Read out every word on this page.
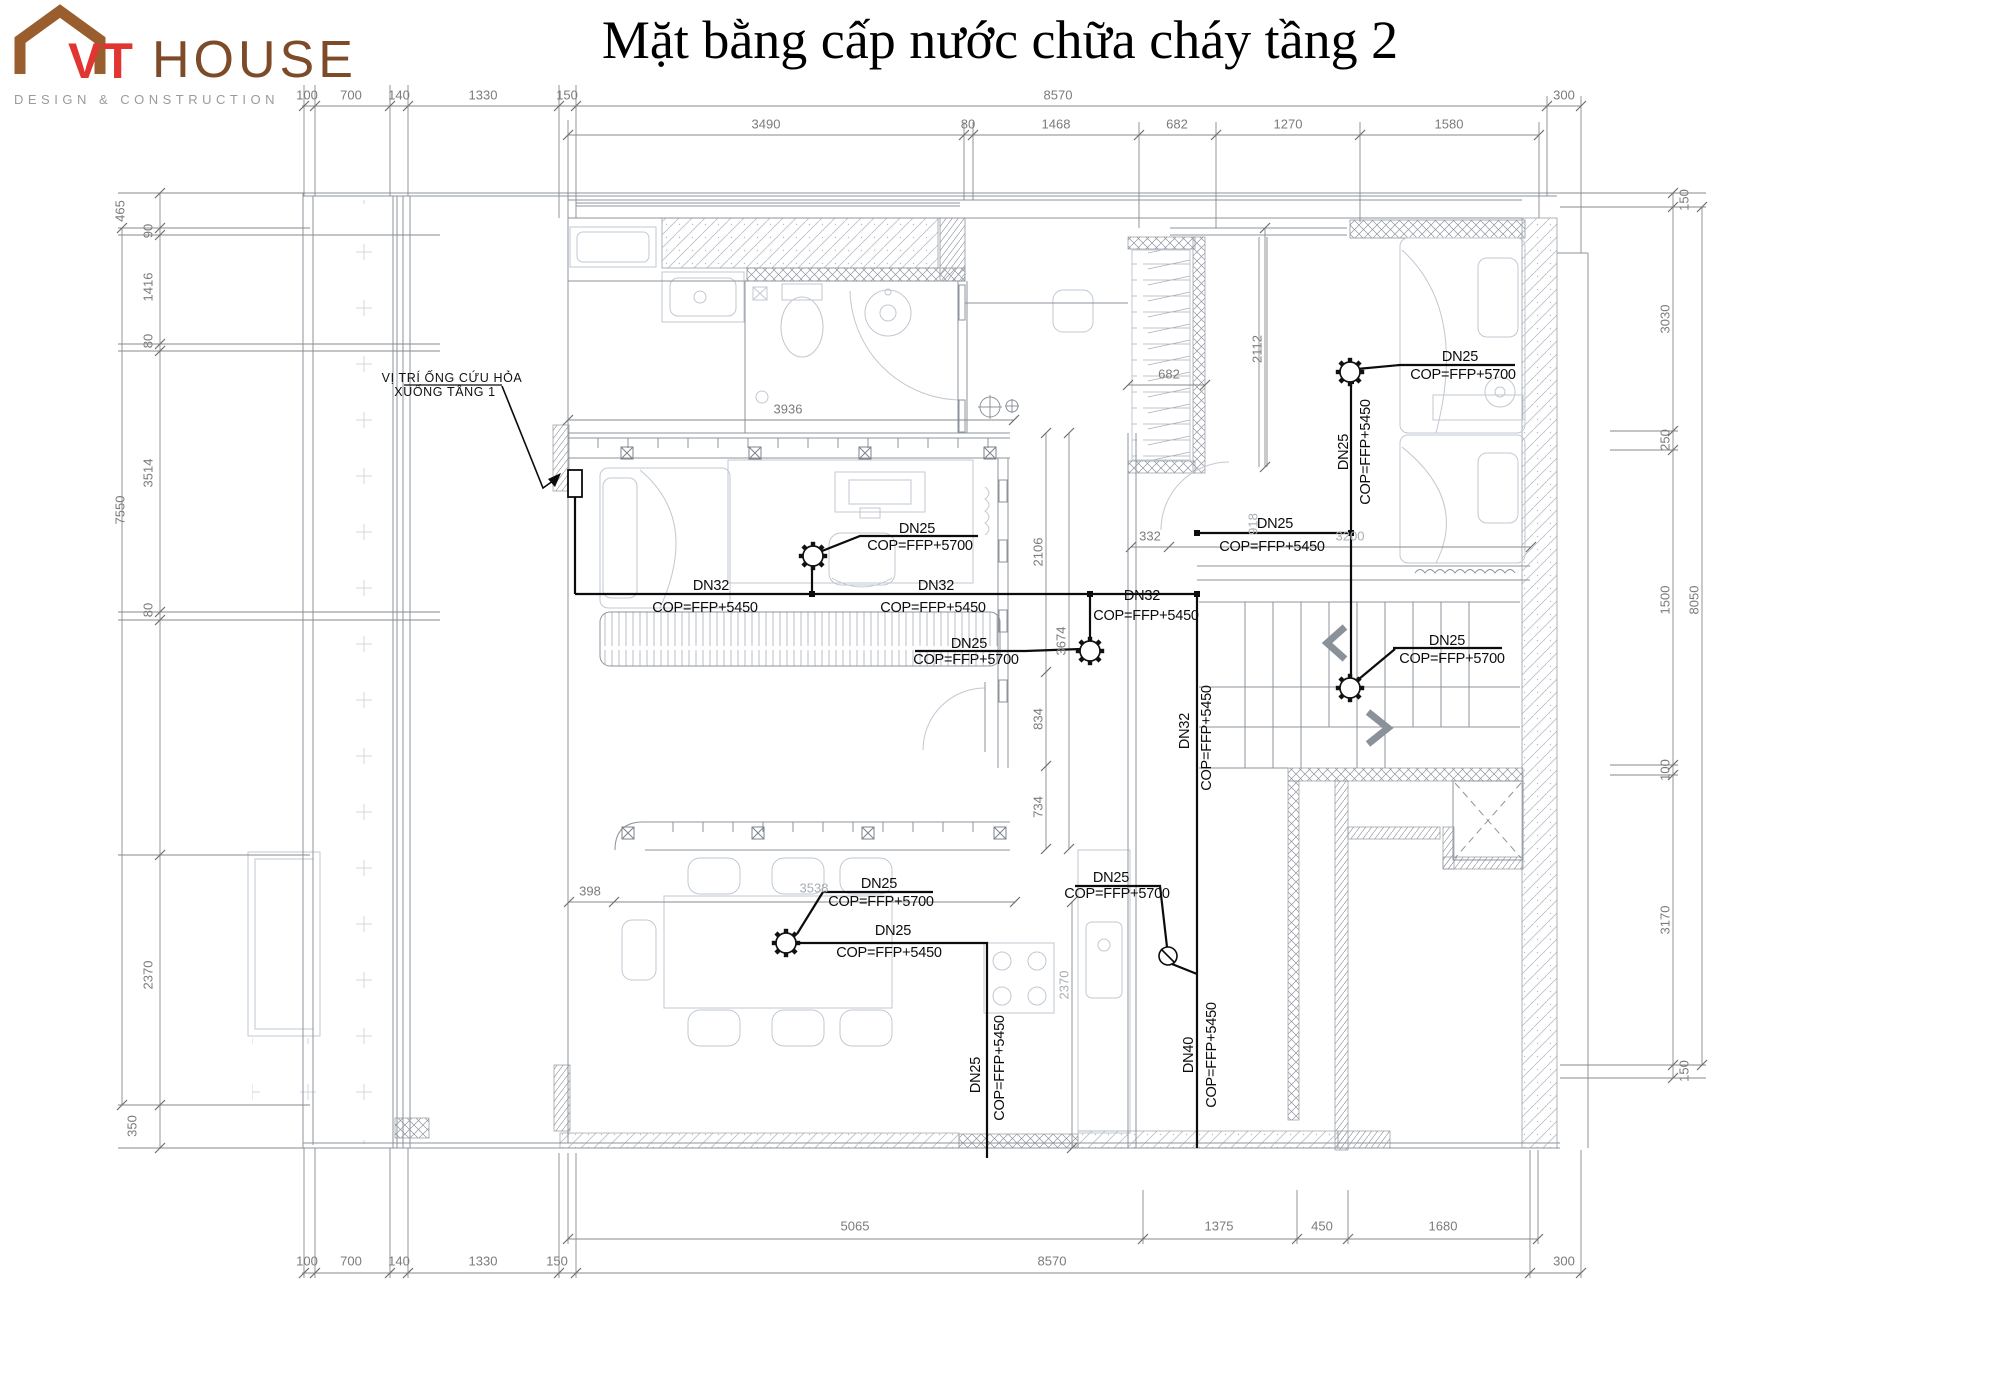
VT HOUSE
DESIGN & CONSTRUCTION
Mặt bằng cấp nước chữa cháy tầng 2
100 700 140	1330	150	8570	300
3490	80	1468	682	1270	1580
5065	1375	450	1680
100 700 140	1330	150	8570	300
465
90
1416
80
3514
7550
80
2370
350
150
3030
250
1500 8050
100
3170
150
3936
682
2112
332	3200
918
2106
834
734
3674
398	3538
2370
DN25
COP=FFP+5700
DN32
COP=FFP+5450
DN32
COP=FFP+5450
DN32
COP=FFP+5450
DN25
COP=FFP+5700
DN25
COP=FFP+5450
DN25
COP=FFP+5700
DN25
COP=FFP+5700
DN25 COP=FFP+5450
DN25
COP=FFP+5700
DN25
COP=FFP+5450
DN25 COP=FFP+5450
DN25
COP=FFP+5700
DN40 COP=FFP+5450
DN32 COP=FFP+5450
VỊ TRÍ ỐNG CỨU HỎA
XUỐNG TẦNG 1
